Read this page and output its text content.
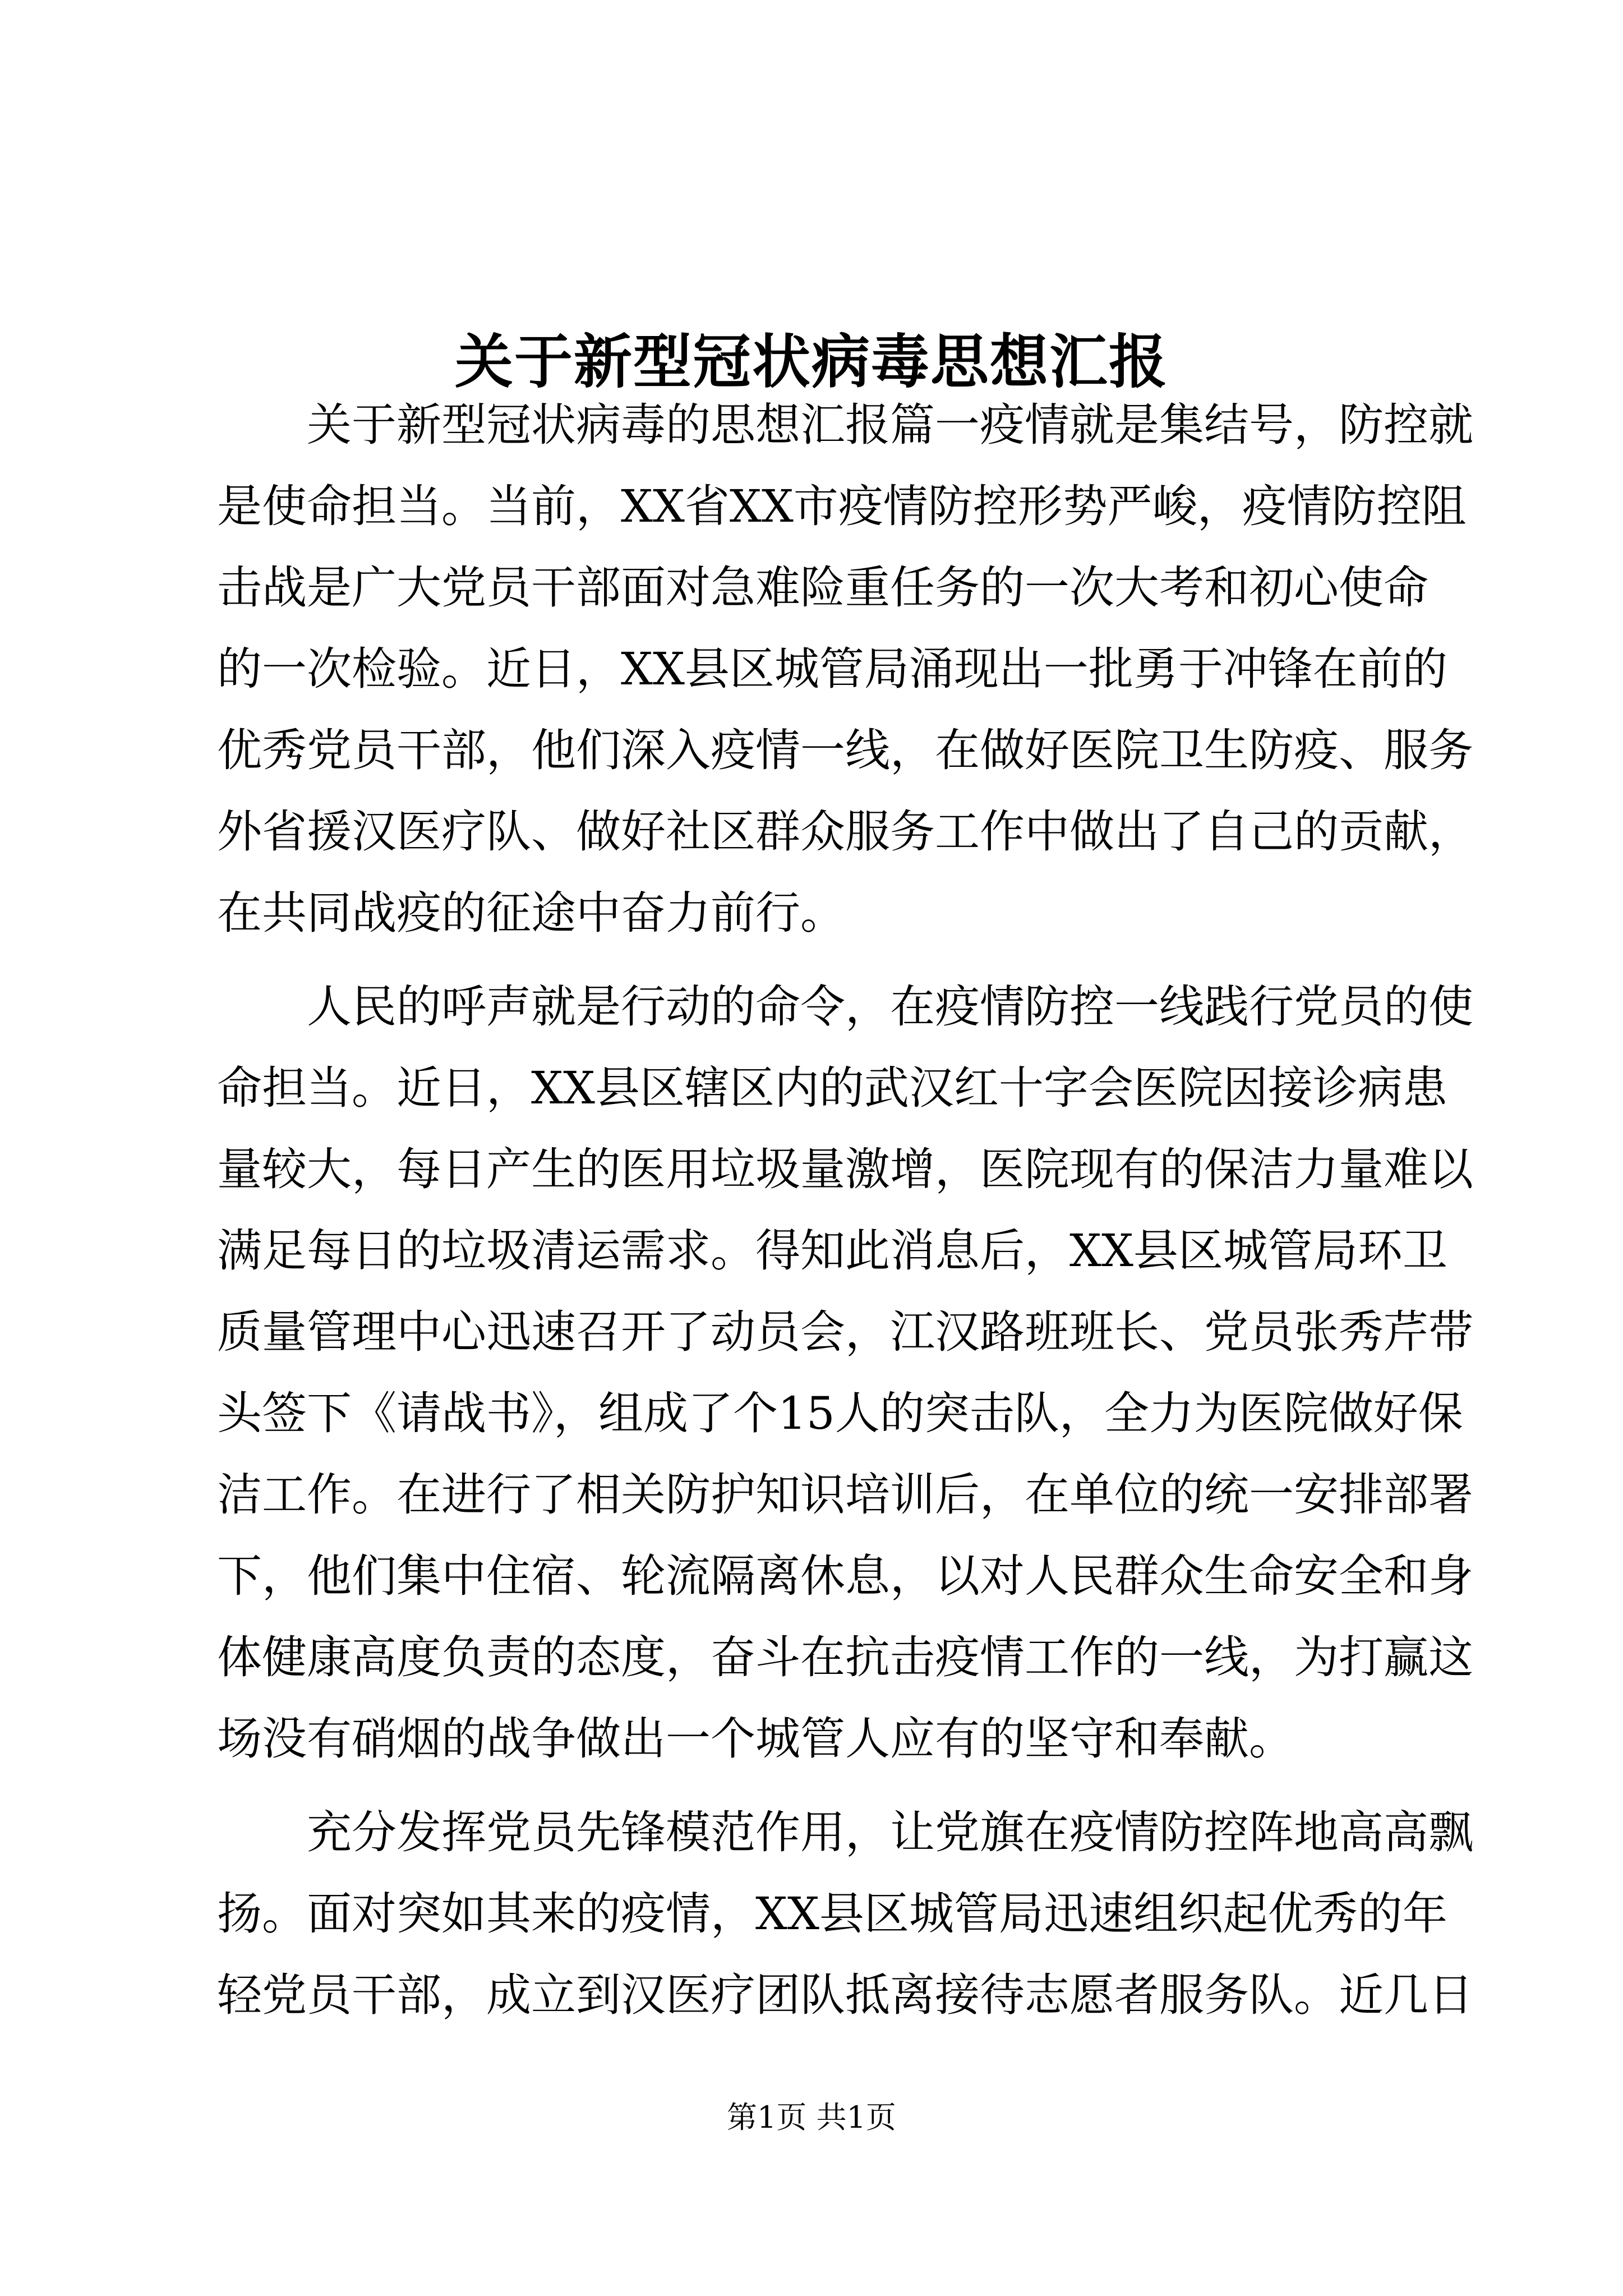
关于新型冠状病毒思想汇报
关于新型冠状病毒的思想汇报篇一疫情就是集结号，防控就
是使命担当。当前，XX省XX市疫情防控形势严峻，疫情防控阻
击战是广大党员干部面对急难险重任务的一次大考和初心使命
的一次检验。近日，XX县区城管局涌现出一批勇于冲锋在前的
优秀党员干部，他们深入疫情一线，在做好医院卫生防疫、服务
外省援汉医疗队、做好社区群众服务工作中做出了自己的贡献，
在共同战疫的征途中奋力前行。
人民的呼声就是行动的命令，在疫情防控一线践行党员的使
命担当。近日，XX县区辖区内的武汉红十字会医院因接诊病患
量较大，每日产生的医用垃圾量激增，医院现有的保洁力量难以
满足每日的垃圾清运需求。得知此消息后，XX县区城管局环卫
质量管理中心迅速召开了动员会，江汉路班班长、党员张秀芹带
头签下《请战书》，组成了个15人的突击队，全力为医院做好保
洁工作。在进行了相关防护知识培训后，在单位的统一安排部署
下，他们集中住宿、轮流隔离休息，以对人民群众生命安全和身
体健康高度负责的态度，奋斗在抗击疫情工作的一线，为打赢这
场没有硝烟的战争做出一个城管人应有的坚守和奉献。
充分发挥党员先锋模范作用，让党旗在疫情防控阵地高高飘
扬。面对突如其来的疫情，XX县区城管局迅速组织起优秀的年
轻党员干部，成立到汉医疗团队抵离接待志愿者服务队。近几日
第1页 共1页
